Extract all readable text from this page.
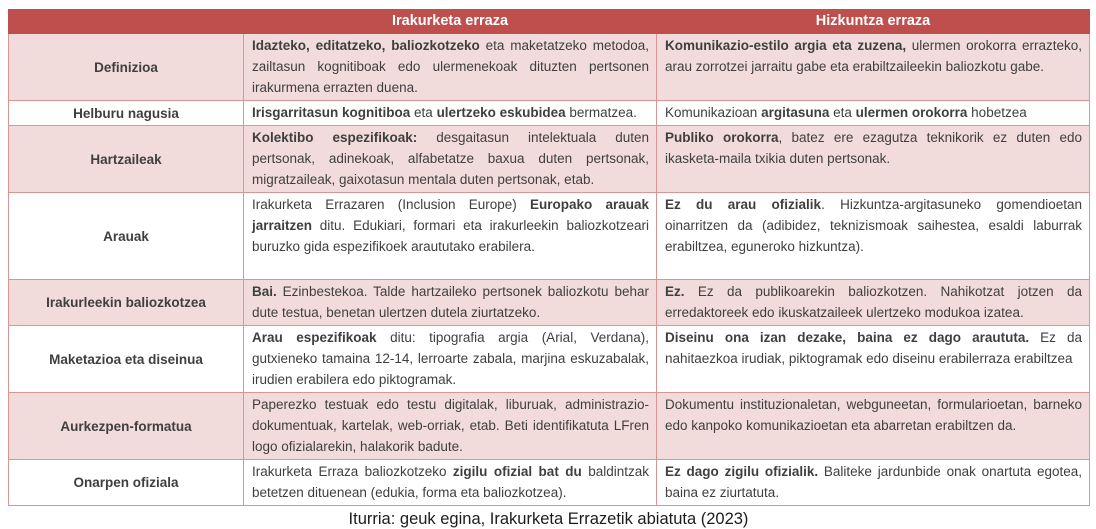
	Irakurketa erraza	Hizkuntza erraza
Definizioa	Idazteko, editatzeko, baliozkotzeko eta maketatzeko metodoa, zailtasun kognitiboak edo ulermenekoak dituzten pertsonen irakurmena errazten duena.	Komunikazio-estilo argia eta zuzena, ulermen orokorra errazteko, arau zorrotzei jarraitu gabe eta erabiltzaileekin baliozkotu gabe.
Helburu nagusia	Irisgarritasun kognitiboa eta ulertzeko eskubidea bermatzea.	Komunikazioan argitasuna eta ulermen orokorra hobetzea
Hartzaileak	Kolektibo espezifikoak: desgaitasun intelektuala duten pertsonak, adinekoak, alfabetatze baxua duten pertsonak, migratzaileak, gaixotasun mentala duten pertsonak, etab.	Publiko orokorra, batez ere ezagutza teknikorik ez duten edo ikasketa-maila txikia duten pertsonak.
Arauak	Irakurketa Errazaren (Inclusion Europe) Europako arauak jarraitzen ditu. Edukiari, formari eta irakurleekin baliozkotzeari buruzko gida espezifikoek araututako erabilera.	Ez du arau ofizialik. Hizkuntza-argitasuneko gomendioetan oinarritzen da (adibidez, teknizismoak saihestea, esaldi laburrak erabiltzea, eguneroko hizkuntza).
Irakurleekin baliozkotzea	Bai. Ezinbestekoa. Talde hartzaileko pertsonek baliozkotu behar dute testua, benetan ulertzen dutela ziurtatzeko.	Ez. Ez da publikoarekin baliozkotzen. Nahikotzat jotzen da erredaktoreek edo ikuskatzaileek ulertzeko modukoa izatea.
Maketazioa eta diseinua	Arau espezifikoak ditu: tipografia argia (Arial, Verdana), gutxieneko tamaina 12-14, lerroarte zabala, marjina eskuzabalak, irudien erabilera edo piktogramak.	Diseinu ona izan dezake, baina ez dago araututa. Ez da nahitaezkoa irudiak, piktogramak edo diseinu erabilerraza erabiltzea
Aurkezpen-formatua	Paperezko testuak edo testu digitalak, liburuak, administrazio-dokumentuak, kartelak, web-orriak, etab. Beti identifikatuta LFren logo ofizialarekin, halakorik badute.	Dokumentu instituzionaletan, webguneetan, formularioetan, barneko edo kanpoko komunikazioetan eta abarretan erabiltzen da.
Onarpen ofiziala	Irakurketa Erraza baliozkotzeko zigilu ofizial bat du baldintzak betetzen dituenean (edukia, forma eta baliozkotzea).	Ez dago zigilu ofizialik. Baliteke jardunbide onak onartuta egotea, baina ez ziurtatuta.
Iturria: geuk egina, Irakurketa Errazetik abiatuta (2023)
